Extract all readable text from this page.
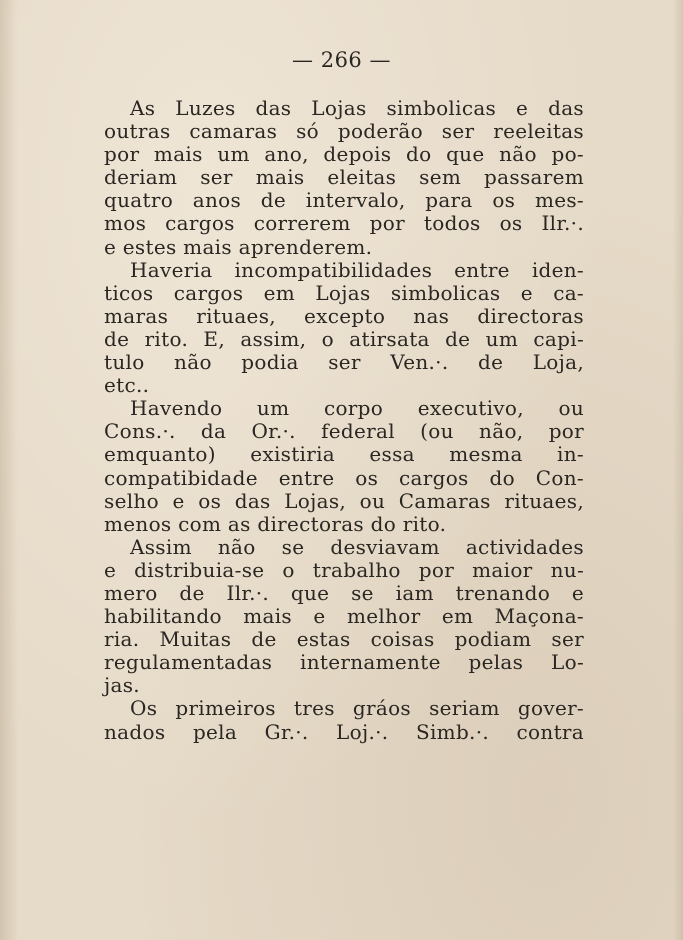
— 266 —
As Luzes das Lojas simbolicas e das
outras camaras só poderão ser reeleitas
por mais um ano, depois do que não po-
deriam ser mais eleitas sem passarem
quatro anos de intervalo, para os mes-
mos cargos correrem por todos os Ilr.·.
e estes mais aprenderem.
Haveria incompatibilidades entre iden-
ticos cargos em Lojas simbolicas e ca-
maras rituaes, excepto nas directoras
de rito. E, assim, o atirsata de um capi-
tulo não podia ser Ven.·. de Loja,
etc..
Havendo um corpo executivo, ou
Cons.·. da Or.·. federal (ou não, por
emquanto) existiria essa mesma in-
compatibidade entre os cargos do Con-
selho e os das Lojas, ou Camaras rituaes,
menos com as directoras do rito.
Assim não se desviavam actividades
e distribuia-se o trabalho por maior nu-
mero de Ilr.·. que se iam trenando e
habilitando mais e melhor em Maçona-
ria. Muitas de estas coisas podiam ser
regulamentadas internamente pelas Lo-
jas.
Os primeiros tres gráos seriam gover-
nados pela Gr.·. Loj.·. Simb.·. contra
